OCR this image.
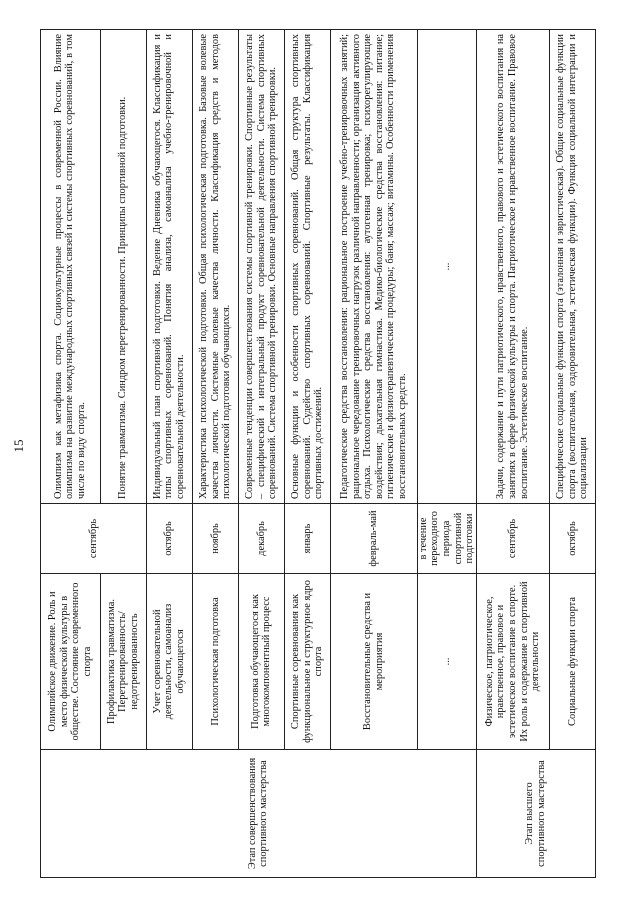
15
Этап совершенствования спортивного мастерства	Олимпийское движение. Роль и место физической культуры в обществе. Состояние современного спорта	сентябрь	Олимпизм как метафизика спорта. Социокультурные процессы в современной России. Влияние олимпизма на развитие международных спортивных связей и системы спортивных соревнований, в том числе по виду спорта.
	Профилактика травматизма. Перетренированность/ недотренированность		Понятие травматизма. Синдром перетренированности. Принципы спортивной подготовки.
	Учет соревновательной деятельности, самоанализ обучающегося	октябрь	Индивидуальный план спортивной подготовки. Ведение Дневника обучающегося. Классификация и типы спортивных соревнований. Понятия анализа, самоанализа учебно-тренировочной и соревновательной деятельности.
	Психологическая подготовка	ноябрь	Характеристика психологической подготовки. Общая психологическая подготовка. Базовые волевые качества личности. Системные волевые качества личности. Классификация средств и методов психологической подготовки обучающихся.
	Подготовка обучающегося как многокомпонентный процесс	декабрь	Современные тенденции совершенствования системы спортивной тренировки. Спортивные результаты – специфический и интегральный продукт соревновательной деятельности. Система спортивных соревнований. Система спортивной тренировки. Основные направления спортивной тренировки.
	Спортивные соревнования как функциональное и структурное ядро спорта	январь	Основные функции и особенности спортивных соревнований. Общая структура спортивных соревнований. Судейство спортивных соревнований. Спортивные результаты. Классификация спортивных достижений.
	Восстановительные средства и мероприятия	февраль-май	Педагогические средства восстановления: рациональное построение учебно-тренировочных занятий; рациональное чередование тренировочных нагрузок различной направленности; организация активного отдыха. Психологические средства восстановления: аутогенная тренировка; психорегулирующие воздействия; дыхательная гимнастика. Медико-биологические средства восстановления: питание; гигиенические и физиотерапевтические процедуры; баня; массаж; витамины. Особенности применения восстановительных средств.
	...	в течение переходного периода спортивной подготовки	...
Этап высшего спортивного мастерства	Физическое, патриотическое, нравственное, правовое и эстетическое воспитание в спорте. Их роль и содержание в спортивной деятельности	сентябрь	Задачи, содержание и пути патриотического, нравственного, правового и эстетического воспитания на занятиях в сфере физической культуры и спорта. Патриотическое и нравственное воспитание. Правовое воспитание. Эстетическое воспитание.
	Социальные функции спорта	октябрь	Специфические социальные функции спорта (эталонная и эвристическая). Общие социальные функции спорта (воспитательная, оздоровительная, эстетическая функции). Функция социальной интеграции и социализации
